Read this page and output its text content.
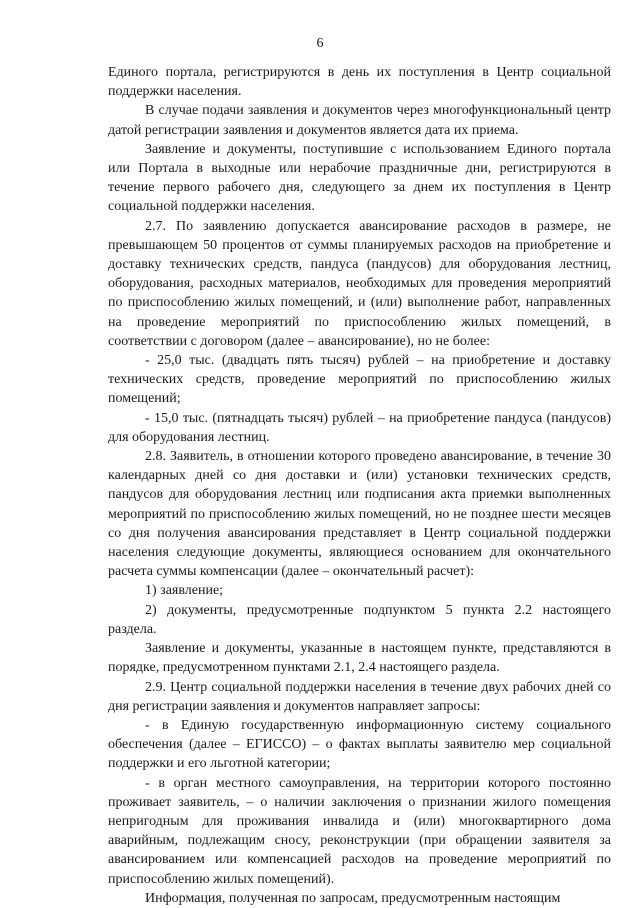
6

Единого портала, регистрируются в день их поступления в Центр социальной поддержки населения.

В случае подачи заявления и документов через многофункциональный центр датой регистрации заявления и документов является дата их приема.

Заявление и документы, поступившие с использованием Единого портала или Портала в выходные или нерабочие праздничные дни, регистрируются в течение первого рабочего дня, следующего за днем их поступления в Центр социальной поддержки населения.

2.7. По заявлению допускается авансирование расходов в размере, не превышающем 50 процентов от суммы планируемых расходов на приобретение и доставку технических средств, пандуса (пандусов) для оборудования лестниц, оборудования, расходных материалов, необходимых для проведения мероприятий по приспособлению жилых помещений, и (или) выполнение работ, направленных на проведение мероприятий по приспособлению жилых помещений, в соответствии с договором (далее – авансирование), но не более:

- 25,0 тыс. (двадцать пять тысяч) рублей – на приобретение и доставку технических средств, проведение мероприятий по приспособлению жилых помещений;

- 15,0 тыс. (пятнадцать тысяч) рублей – на приобретение пандуса (пандусов) для оборудования лестниц.

2.8. Заявитель, в отношении которого проведено авансирование, в течение 30 календарных дней со дня доставки и (или) установки технических средств, пандусов для оборудования лестниц или подписания акта приемки выполненных мероприятий по приспособлению жилых помещений, но не позднее шести месяцев со дня получения авансирования представляет в Центр социальной поддержки населения следующие документы, являющиеся основанием для окончательного расчета суммы компенсации (далее – окончательный расчет):

1) заявление;

2) документы, предусмотренные подпунктом 5 пункта 2.2 настоящего раздела.

Заявление и документы, указанные в настоящем пункте, представляются в порядке, предусмотренном пунктами 2.1, 2.4 настоящего раздела.

2.9. Центр социальной поддержки населения в течение двух рабочих дней со дня регистрации заявления и документов направляет запросы:

- в Единую государственную информационную систему социального обеспечения (далее – ЕГИССО) – о фактах выплаты заявителю мер социальной поддержки и его льготной категории;

- в орган местного самоуправления, на территории которого постоянно проживает заявитель, – о наличии заключения о признании жилого помещения непригодным для проживания инвалида и (или) многоквартирного дома аварийным, подлежащим сносу, реконструкции (при обращении заявителя за авансированием или компенсацией расходов на проведение мероприятий по приспособлению жилых помещений).

Информация, полученная по запросам, предусмотренным настоящим
